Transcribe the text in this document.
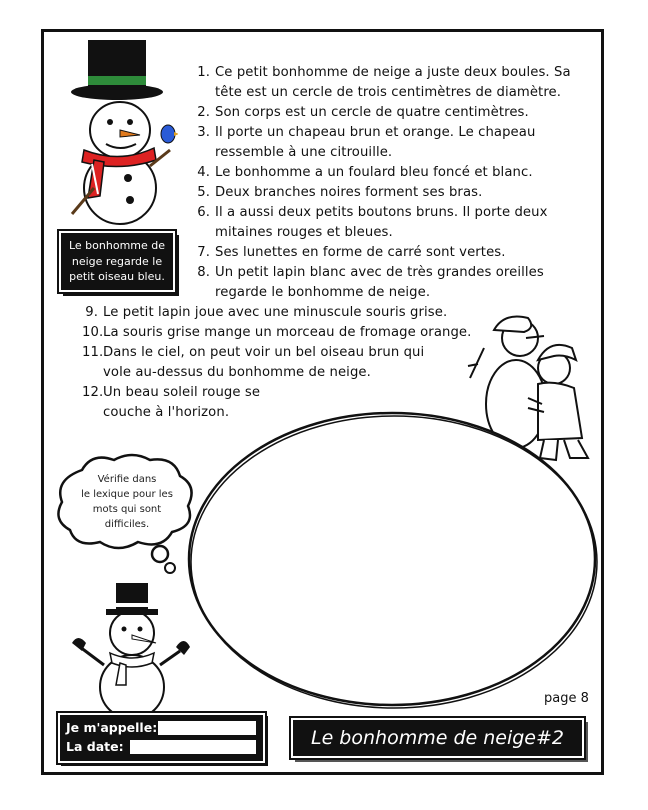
Le bonhomme de
neige regarde le
petit oiseau bleu.
1. Ce petit bonhomme de neige a juste deux boules. Sa
tête est un cercle de trois centimètres de diamètre.
2. Son corps est un cercle de quatre centimètres.
3. Il porte un chapeau brun et orange. Le chapeau
ressemble à une citrouille.
4. Le bonhomme a un foulard bleu foncé et blanc.
5. Deux branches noires forment ses bras.
6. Il a aussi deux petits boutons bruns. Il porte deux
mitaines rouges et bleues.
7. Ses lunettes en forme de carré sont vertes.
8. Un petit lapin blanc avec de très grandes oreilles
regarde le bonhomme de neige.
9. Le petit lapin joue avec une minuscule souris grise.
10.La souris grise mange un morceau de fromage orange.
11.Dans le ciel, on peut voir un bel oiseau brun qui
vole au-dessus du bonhomme de neige.
Vérifie dans
le lexique pour les
mots qui sont
difficiles.
page 8
Je m'appelle:
La date:	Le bonhomme de neige#2
12.Un beau soleil rouge se
couche à l'horizon.
